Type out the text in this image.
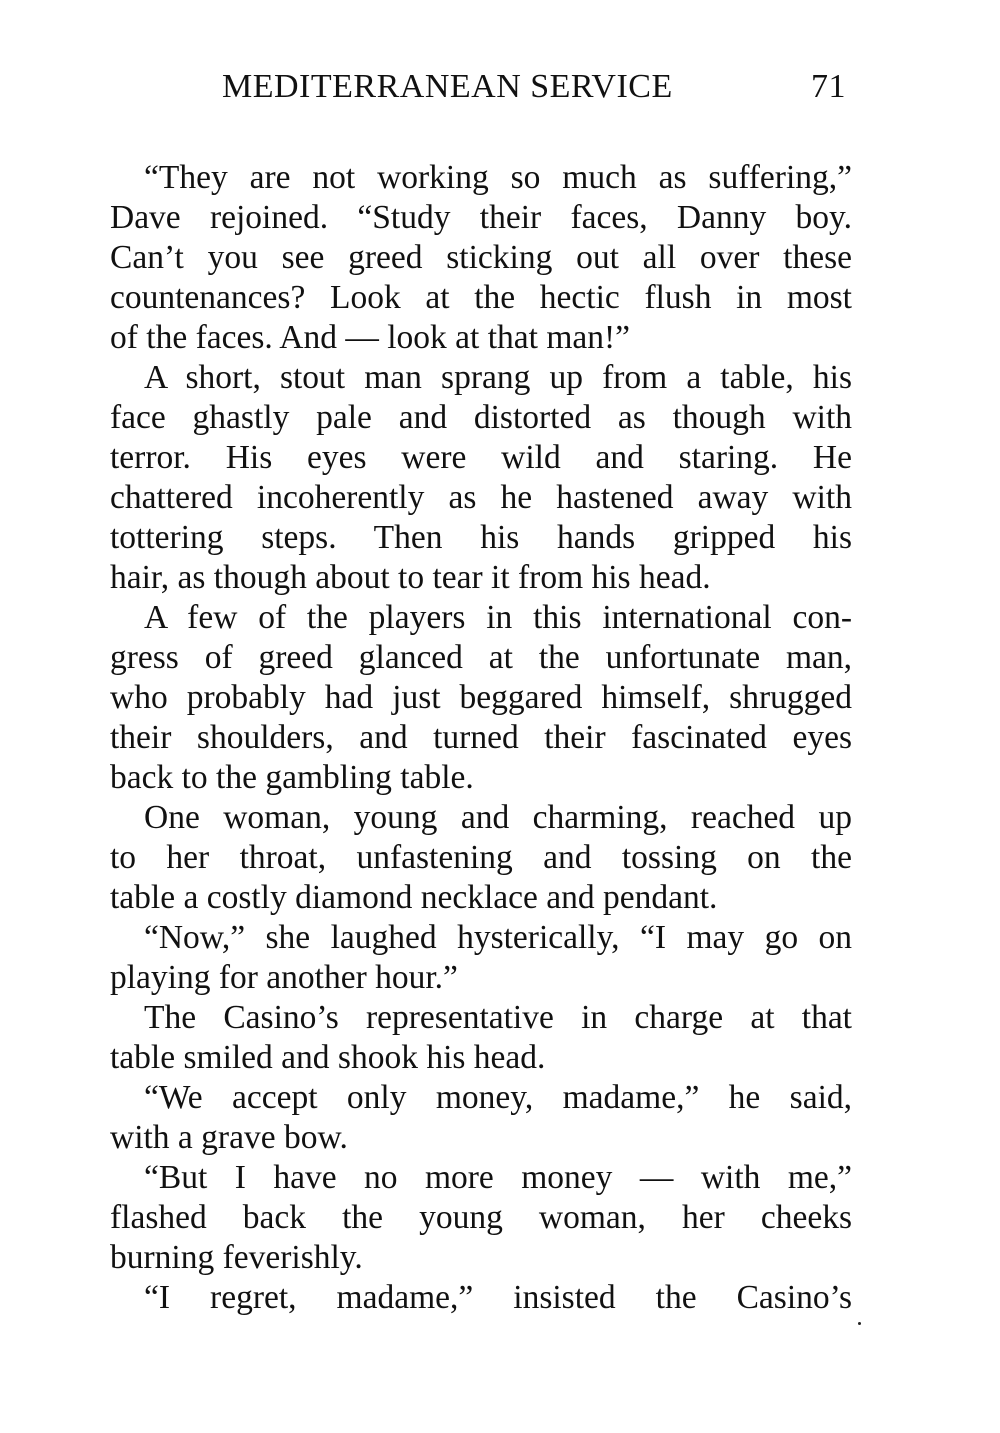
MEDITERRANEAN SERVICE	71
“They are not working so much as suffering,”
Dave rejoined. “Study their faces, Danny boy.
Can’t you see greed sticking out all over these
countenances? Look at the hectic flush in most
of the faces. And — look at that man!”
A short, stout man sprang up from a table, his
face ghastly pale and distorted as though with
terror. His eyes were wild and staring. He
chattered incoherently as he hastened away with
tottering steps. Then his hands gripped his
hair, as though about to tear it from his head.
A few of the players in this international con-
gress of greed glanced at the unfortunate man,
who probably had just beggared himself, shrugged
their shoulders, and turned their fascinated eyes
back to the gambling table.
One woman, young and charming, reached up
to her throat, unfastening and tossing on the
table a costly diamond necklace and pendant.
“Now,” she laughed hysterically, “I may go on
playing for another hour.”
The Casino’s representative in charge at that
table smiled and shook his head.
“We accept only money, madame,” he said,
with a grave bow.
“But I have no more money — with me,”
flashed back the young woman, her cheeks
burning feverishly.
“I regret, madame,” insisted the Casino’s
